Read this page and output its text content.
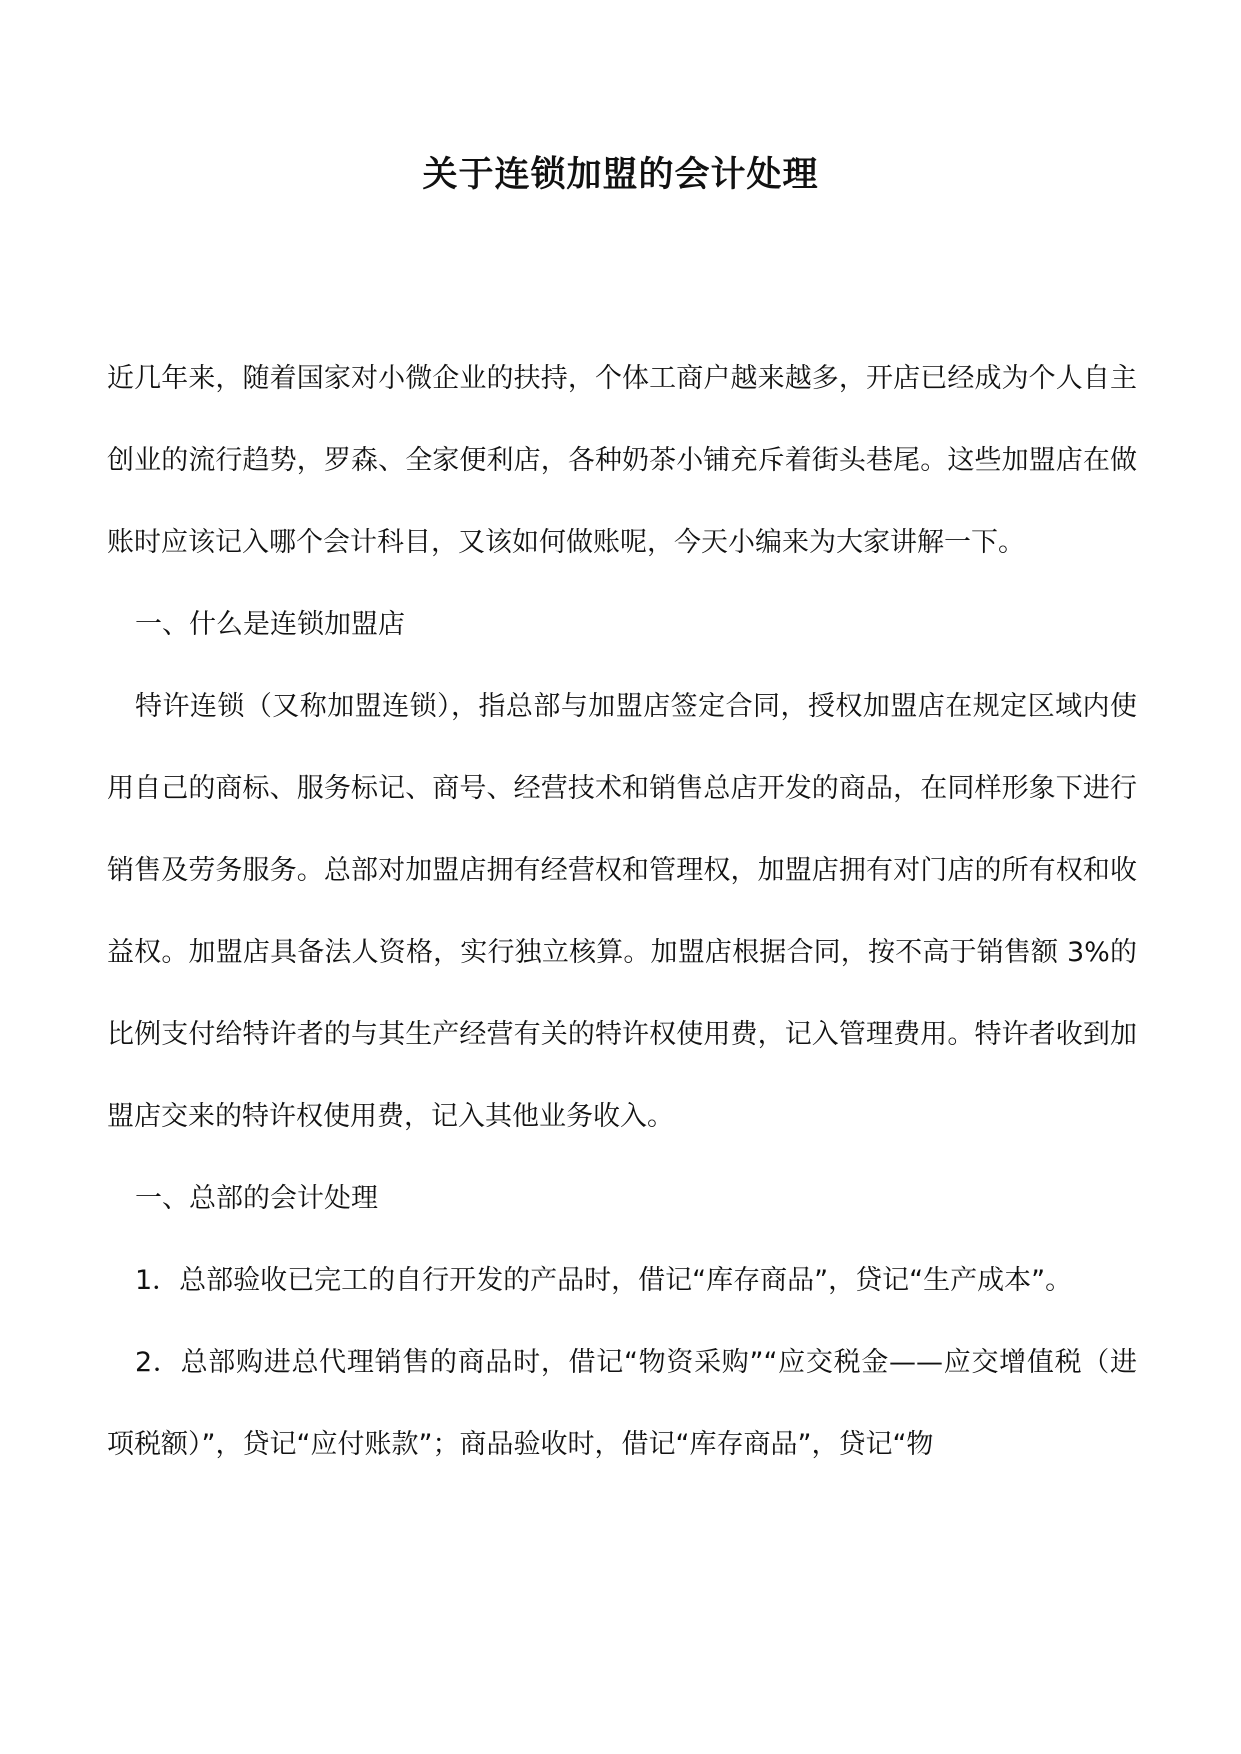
关于连锁加盟的会计处理

近几年来，随着国家对小微企业的扶持，个体工商户越来越多，开店已经成为个人自主创业的流行趋势，罗森、全家便利店，各种奶茶小铺充斥着街头巷尾。这些加盟店在做账时应该记入哪个会计科目，又该如何做账呢，今天小编来为大家讲解一下。

一、什么是连锁加盟店

特许连锁（又称加盟连锁），指总部与加盟店签定合同，授权加盟店在规定区域内使用自己的商标、服务标记、商号、经营技术和销售总店开发的商品，在同样形象下进行销售及劳务服务。总部对加盟店拥有经营权和管理权，加盟店拥有对门店的所有权和收益权。加盟店具备法人资格，实行独立核算。加盟店根据合同，按不高于销售额 3%的比例支付给特许者的与其生产经营有关的特许权使用费，记入管理费用。特许者收到加盟店交来的特许权使用费，记入其他业务收入。

一、总部的会计处理

1．总部验收已完工的自行开发的产品时，借记“库存商品”，贷记“生产成本”。

2．总部购进总代理销售的商品时，借记“物资采购”“应交税金——应交增值税（进项税额）”，贷记“应付账款”；商品验收时，借记“库存商品”，贷记“物
